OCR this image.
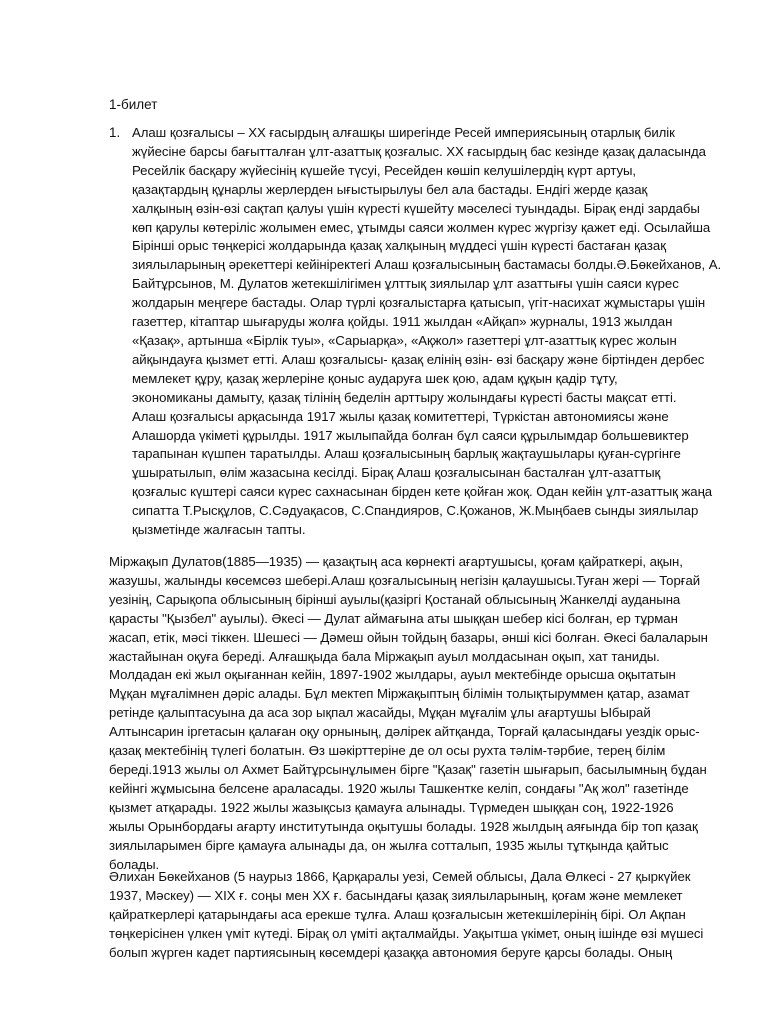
1-билет
1. Алаш қозғалысы – ХХ ғасырдың алғашқы ширегінде Ресей империясының отарлық билік
жүйесіне барсы бағытталған ұлт-азаттық қозғалыс. ХХ ғасырдың бас кезінде қазақ даласында
Ресейлік басқару жүйесінің күшейе түсуі, Ресейден көшіп келушілердің күрт артуы,
қазақтардың құнарлы жерлерден ығыстырылуы бел ала бастады. Ендігі жерде қазақ
халқының өзін-өзі сақтап қалуы үшін күресті күшейту мәселесі туындады. Бірақ енді зардабы
көп қарулы көтеріліс жолымен емес, ұтымды саяси жолмен күрес жүргізу қажет еді. Осылайша
Бірінші орыс төңкерісі жолдарында қазақ халқының мүддесі үшін күресті бастаған қазақ
зиялыларының әрекеттері кейініректегі Алаш қозғалысының бастамасы болды.Ә.Бөкейханов, А.
Байтұрсынов, М. Дулатов жетекшілігімен ұлттық зиялылар ұлт азаттығы үшін саяси күрес
жолдарын меңгере бастады. Олар түрлі қозғалыстарға қатысып, үгіт-насихат жұмыстары үшін
газеттер, кітаптар шығаруды жолға қойды. 1911 жылдан «Айқап» журналы, 1913 жылдан
«Қазақ», артынша «Бірлік туы», «Сарыарқа», «Ақжол» газеттері ұлт-азаттық күрес жолын
айқындауға қызмет етті. Алаш қозғалысы- қазақ елінің өзін- өзі басқару және біртінден дербес
мемлекет құру, қазақ жерлеріне қоныс аударуға шек қою, адам құқын қадір тұту,
экономиканы дамыту, қазақ тілінің беделін арттыру жолындағы күресті басты мақсат етті.
Алаш қозғалысы арқасында 1917 жылы қазақ комитеттері, Түркістан автономиясы және
Алашорда үкіметі құрылды. 1917 жылыпайда болған бұл саяси құрылымдар большевиктер
тарапынан күшпен таратылды. Алаш қозғалысының барлық жақтаушылары қуған-сүргінге
ұшыратылып, өлім жазасына кесілді. Бірақ Алаш қозғалысынан басталған ұлт-азаттық
қозғалыс күштері саяси күрес сахнасынан бірден кете қойған жоқ. Одан кейін ұлт-азаттық жаңа
сипатта Т.Рысқұлов, С.Сәдуақасов, С.Спандияров, С.Қожанов, Ж.Мыңбаев сынды зиялылар
қызметінде жалғасын тапты.

Міржақып Дулатов(1885—1935) — қазақтың аса көрнекті ағартушысы, қоғам қайраткері, ақын,
жазушы, жалынды көсемсөз шебері.Алаш қозғалысының негізін қалаушысы.Туған жері — Торғай
уезінің, Сарықопа облысының бірінші ауылы(қазіргі Қостанай облысының Жанкелді ауданына
қарасты "Қызбел" ауылы). Әкесі — Дулат аймағына аты шыққан шебер кісі болған, ер тұрман
жасап, етік, мәсі тіккен. Шешесі — Дәмеш ойын тойдың базары, әнші кісі болған. Әкесі балаларын
жастайынан оқуға береді. Алғашқыда бала Міржақып ауыл молдасынан оқып, хат таниды.
Молдадан екі жыл оқығаннан кейін, 1897-1902 жылдары, ауыл мектебінде орысша оқытатын
Мұқан мұғалімнен дәріс алады. Бұл мектеп Міржақыптың білімін толықтыруммен қатар, азамат
ретінде қалыптасуына да аса зор ықпал жасайды, Мұқан мұғалім ұлы ағартушы Ыбырай
Алтынсарин іргетасын қалаған оқу орнының, дәлірек айтқанда, Торғай қаласындағы уездік орыс-
қазақ мектебінің түлегі болатын. Өз шәкірттеріне де ол осы рухта тәлім-тәрбие, терең білім
береді.1913 жылы ол Ахмет Байтұрсынұлымен бірге "Қазақ" газетін шығарып, басылымның бұдан
кейінгі жұмысына белсене араласады. 1920 жылы Ташкентке келіп, сондағы "Ақ жол" газетінде
қызмет атқарады. 1922 жылы жазықсыз қамауға алынады. Түрмеден шыққан соң, 1922-1926
жылы Орынбордағы ағарту институтында оқытушы болады. 1928 жылдың аяғында бір топ қазақ
зиялыларымен бірге қамауға алынады да, он жылға сотталып, 1935 жылы тұтқында қайтыс
болады.

Әлихан Бөкейханов (5 наурыз 1866, Қарқаралы уезі, Семей облысы, Дала Өлкесі - 27 қыркүйек
1937, Мәскеу) — XIX ғ. соңы мен XX ғ. басындағы қазақ зиялыларының, қоғам және мемлекет
қайраткерлері қатарындағы аса ерекше тұлға. Алаш қозғалысын жетекшілерінің бірі. Ол Ақпан
төңкерісінен үлкен үміт күтеді. Бірақ ол үміті ақталмайды. Уақытша үкімет, оның ішінде өзі мүшесі
болып жүрген кадет партиясының көсемдері қазаққа автономия беруге қарсы болады. Оның
